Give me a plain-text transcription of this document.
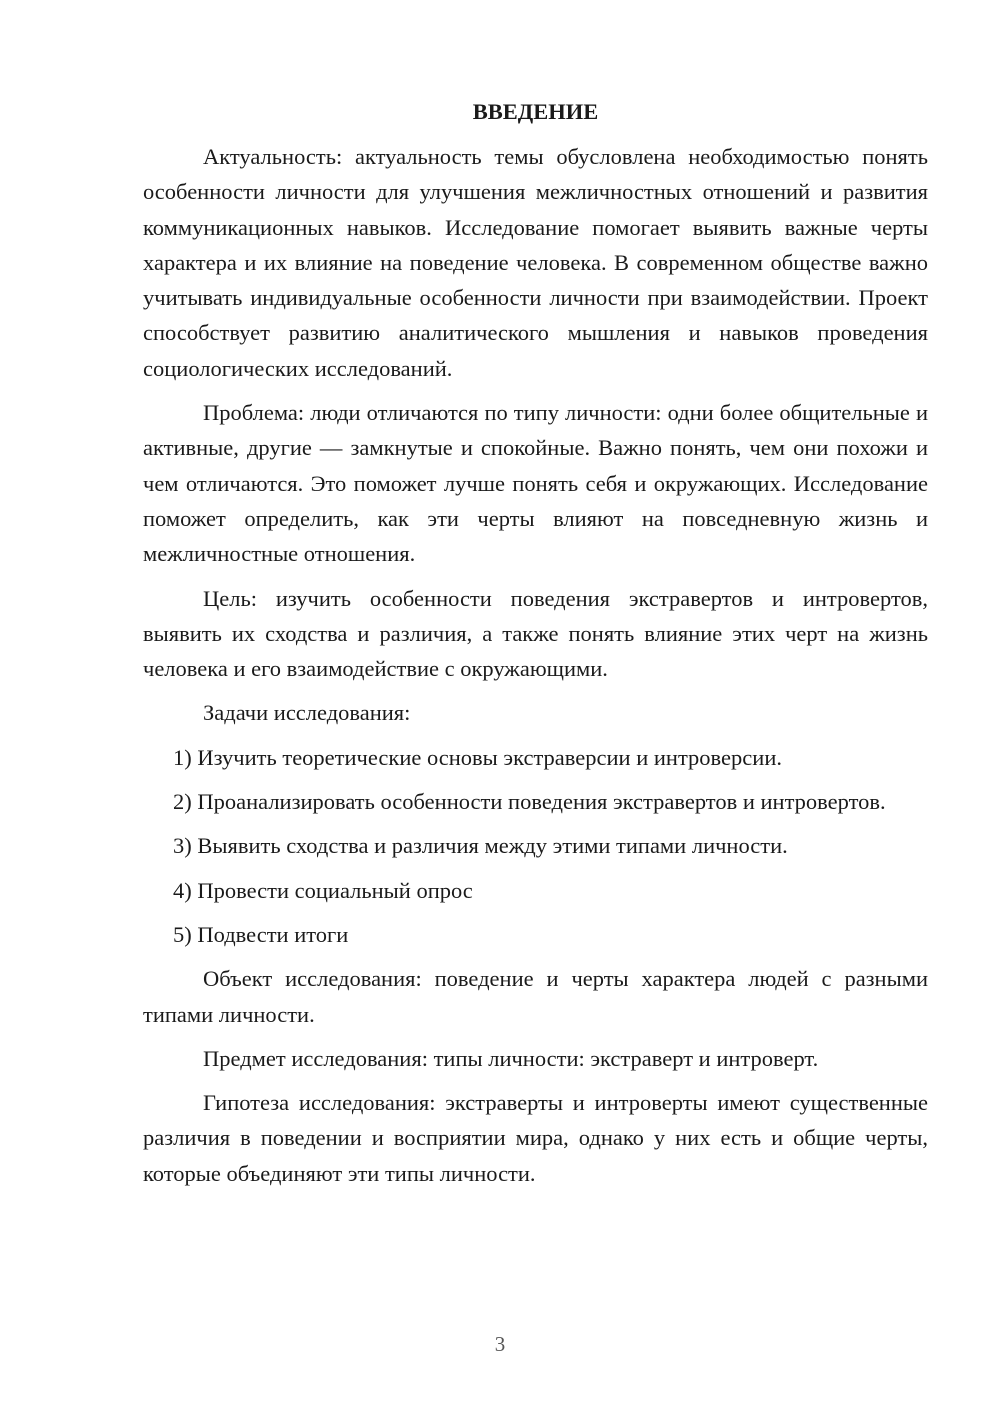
ВВЕДЕНИЕ

Актуальность: актуальность темы обусловлена необходимостью понять особенности личности для улучшения межличностных отношений и развития коммуникационных навыков. Исследование помогает выявить важные черты характера и их влияние на поведение человека. В современном обществе важно учитывать индивидуальные особенности личности при взаимодействии. Проект способствует развитию аналитического мышления и навыков проведения социологических исследований.

Проблема: люди отличаются по типу личности: одни более общительные и активные, другие — замкнутые и спокойные. Важно понять, чем они похожи и чем отличаются. Это поможет лучше понять себя и окружающих. Исследование поможет определить, как эти черты влияют на повседневную жизнь и межличностные отношения.

Цель: изучить особенности поведения экстравертов и интровертов, выявить их сходства и различия, а также понять влияние этих черт на жизнь человека и его взаимодействие с окружающими.

Задачи исследования:

1) Изучить теоретические основы экстраверсии и интроверсии.

2) Проанализировать особенности поведения экстравертов и интровертов.

3) Выявить сходства и различия между этими типами личности.

4) Провести социальный опрос

5) Подвести итоги

Объект исследования: поведение и черты характера людей с разными типами личности.

Предмет исследования: типы личности: экстраверт и интроверт.

Гипотеза исследования: экстраверты и интроверты имеют существенные различия в поведении и восприятии мира, однако у них есть и общие черты, которые объединяют эти типы личности.

3
